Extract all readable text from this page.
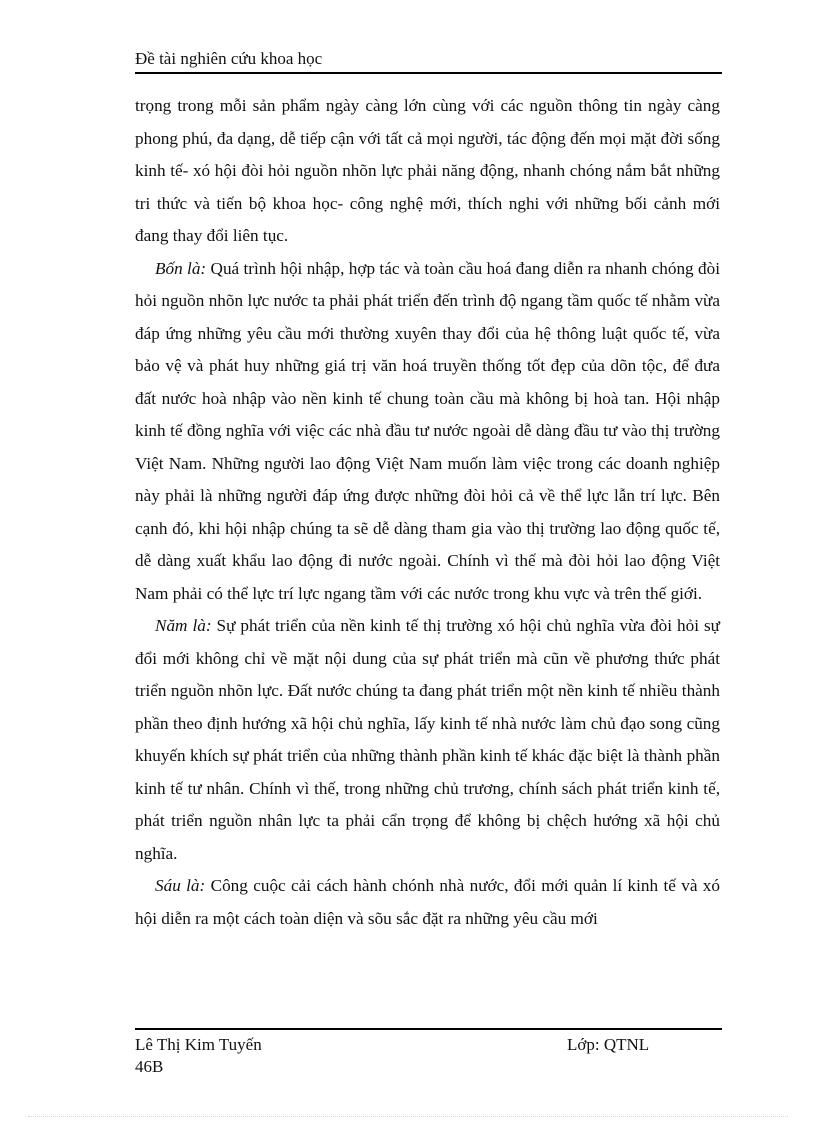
Đề tài nghiên cứu khoa học

trọng trong mỗi sản phẩm ngày càng lớn cùng với các nguồn thông tin ngày càng phong phú, đa dạng, dễ tiếp cận với tất cả mọi người, tác động đến mọi mặt đời sống kinh tế- xó hội đòi hỏi nguồn nhõn lực phải năng động, nhanh chóng nắm bắt những tri thức và tiến bộ khoa học- công nghệ mới, thích nghi với những bối cảnh mới đang thay đổi liên tục.

Bốn là: Quá trình hội nhập, hợp tác và toàn cầu hoá đang diễn ra nhanh chóng đòi hỏi nguồn nhõn lực nước ta phải phát triển đến trình độ ngang tầm quốc tế nhằm vừa đáp ứng những yêu cầu mới thường xuyên thay đổi của hệ thông luật quốc tế, vừa bảo vệ và phát huy những giá trị văn hoá truyền thống tốt đẹp của dõn tộc, để đưa đất nước hoà nhập vào nền kinh tế chung toàn cầu mà không bị hoà tan. Hội nhập kinh tế đồng nghĩa với việc các nhà đầu tư nước ngoài dễ dàng đầu tư vào thị trường Việt Nam. Những người lao động Việt Nam muốn làm việc trong các doanh nghiệp này phải là những người đáp ứng được những đòi hỏi cả về thể lực lẫn trí lực. Bên cạnh đó, khi hội nhập chúng ta sẽ dễ dàng tham gia vào thị trường lao động quốc tế, dễ dàng xuất khẩu lao động đi nước ngoài. Chính vì thế mà đòi hỏi lao động Việt Nam phải có thể lực trí lực ngang tầm với các nước trong khu vực và trên thế giới.

Năm là: Sự phát triển của nền kinh tế thị trường xó hội chủ nghĩa vừa đòi hỏi sự đổi mới không chỉ về mặt nội dung của sự phát triển mà cũn về phương thức phát triển nguồn nhõn lực. Đất nước chúng ta đang phát triển một nền kinh tế nhiều thành phần theo định hướng xã hội chủ nghĩa, lấy kinh tế nhà nước làm chủ đạo song cũng khuyến khích sự phát triển của những thành phần kinh tế khác đặc biệt là thành phần kinh tế tư nhân. Chính vì thế, trong những chủ trương, chính sách phát triển kinh tế, phát triển nguồn nhân lực ta phải cẩn trọng để không bị chệch hướng xã hội chủ nghĩa.

Sáu là: Công cuộc cải cách hành chónh nhà nước, đổi mới quản lí kinh tế và xó hội diễn ra một cách toàn diện và sõu sắc đặt ra những yêu cầu mới

Lê Thị Kim Tuyến	Lớp: QTNL
46B
